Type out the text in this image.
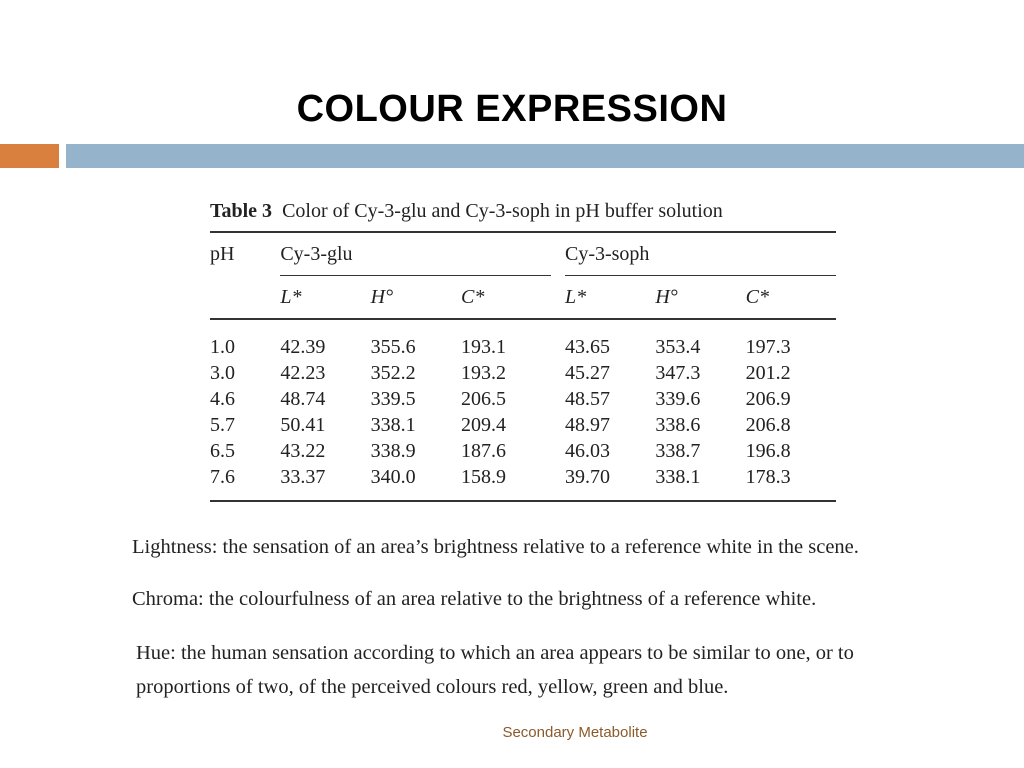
COLOUR EXPRESSION
Table 3 Color of Cy-3-glu and Cy-3-soph in pH buffer solution
pH	Cy-3-glu				Cy-3-soph		
	L*	H°	C*		L*	H°	C*
1.0	42.39	355.6	193.1		43.65	353.4	197.3
3.0	42.23	352.2	193.2		45.27	347.3	201.2
4.6	48.74	339.5	206.5		48.57	339.6	206.9
5.7	50.41	338.1	209.4		48.97	338.6	206.8
6.5	43.22	338.9	187.6		46.03	338.7	196.8
7.6	33.37	340.0	158.9		39.70	338.1	178.3
Lightness: the sensation of an area’s brightness relative to a reference white in the scene.
Chroma: the colourfulness of an area relative to the brightness of a reference white.
Hue: the human sensation according to which an area appears to be similar to one, or to
proportions of two, of the perceived colours red, yellow, green and blue.
Secondary Metabolite
